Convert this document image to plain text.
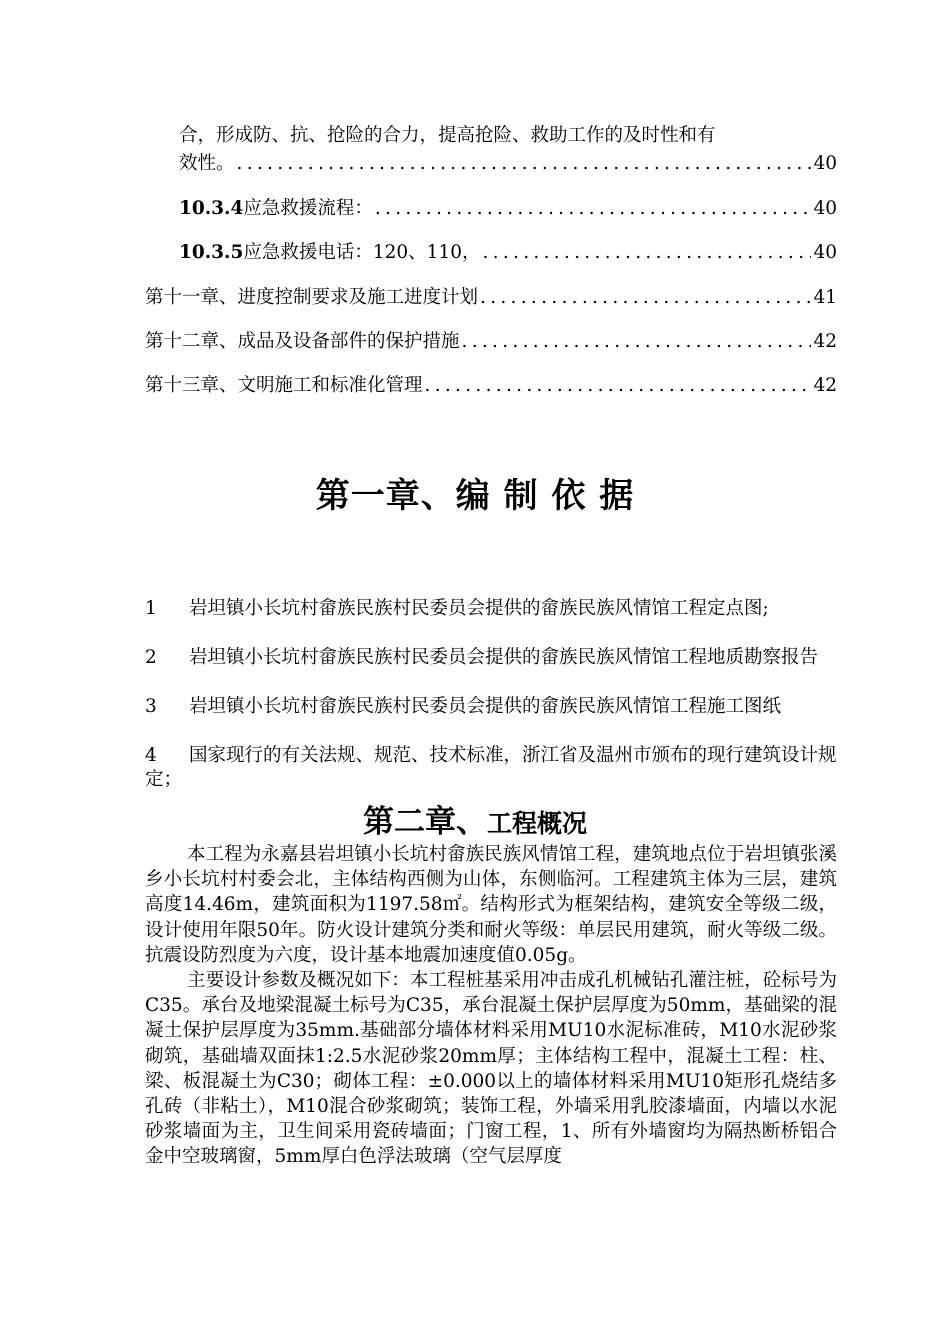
合，形成防、抗、抢险的合力，提高抢险、救助工作的及时性和有
效性。 .....	40
10.3.4 应急救援流程： .....	40
10.3.5 应急救援电话：120、110， .....	40
第十一章、进度控制要求及施工进度计划 .....	41
第十二章、成品及设备部件的保护措施 .....	42
第十三章、文明施工和标准化管理 .....	42
第一章、编 制 依 据
1 岩坦镇小长坑村畲族民族村民委员会提供的畲族民族风情馆工程定点图;
2 岩坦镇小长坑村畲族民族村民委员会提供的畲族民族风情馆工程地质勘察报告
3 岩坦镇小长坑村畲族民族村民委员会提供的畲族民族风情馆工程施工图纸
4 国家现行的有关法规、规范、技术标准，浙江省及温州市颁布的现行建筑设计规定；
第二章、工程概况

本工程为永嘉县岩坦镇小长坑村畲族民族风情馆工程，建筑地点位于岩坦镇张溪乡小长坑村村委会北，主体结构西侧为山体，东侧临河。工程建筑主体为三层，建筑高度14.46m，建筑面积为1197.58㎡。结构形式为框架结构，建筑安全等级二级，设计使用年限50年。防火设计建筑分类和耐火等级：单层民用建筑，耐火等级二级。抗震设防烈度为六度，设计基本地震加速度值0.05g。

主要设计参数及概况如下：本工程桩基采用冲击成孔机械钻孔灌注桩，砼标号为C35。承台及地梁混凝土标号为C35，承台混凝土保护层厚度为50mm，基础梁的混凝土保护层厚度为35mm.基础部分墙体材料采用MU10水泥标准砖，M10水泥砂浆砌筑，基础墙双面抹1:2.5水泥砂浆20mm厚；主体结构工程中，混凝土工程：柱、梁、板混凝土为C30；砌体工程：±0.000以上的墙体材料采用MU10矩形孔烧结多孔砖（非粘土），M10混合砂浆砌筑；装饰工程，外墙采用乳胶漆墙面，内墙以水泥砂浆墙面为主，卫生间采用瓷砖墙面；门窗工程，1、所有外墙窗均为隔热断桥铝合金中空玻璃窗，5mm厚白色浮法玻璃（空气层厚度
